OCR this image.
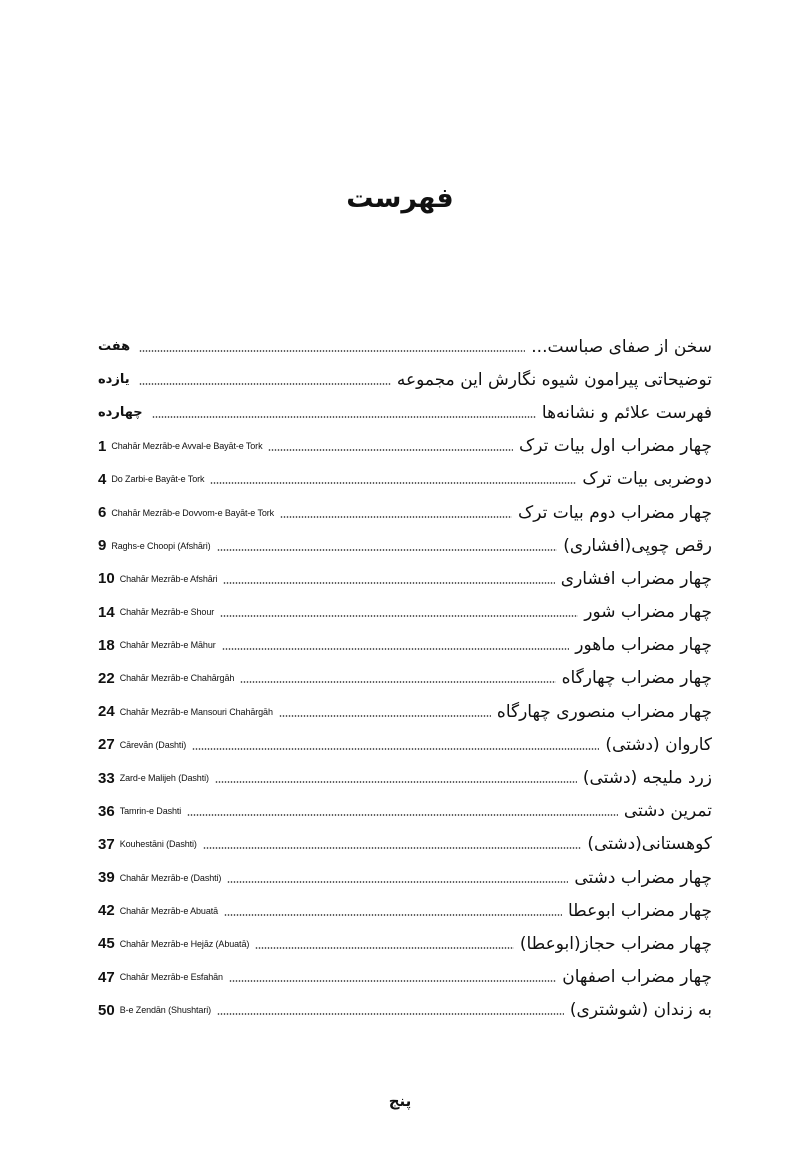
فهرست
هفت	سخن از صفای صباست...
یازده	توضیحاتی پیرامون شیوه نگارش این مجموعه
چهارده	فهرست علائم و نشانه‌ها
1 Chahār Mezrāb-e Avval-e Bayāt-e Tork	چهار مضراب اول بیات ترک
4 Do Zarbi-e Bayāt-e Tork	دوضربی بیات ترک
6 Chahār Mezrāb-e Dovvom-e Bayāt-e Tork	چهار مضراب دوم بیات ترک
9 Raghs-e Choopi (Afshāri)	رقص چوپی(افشاری)
10 Chahār Mezrāb-e Afshāri	چهار مضراب افشاری
14 Chahār Mezrāb-e Shour	چهار مضراب شور
18 Chahār Mezrāb-e Māhur	چهار مضراب ماهور
22 Chahār Mezrāb-e Chahārgāh	چهار مضراب چهارگاه
24 Chahār Mezrāb-e Mansouri Chahārgāh	چهار مضراب منصوری چهارگاه
27 Cārevān (Dashti)	کاروان (دشتی)
33 Zard-e Malijeh (Dashti)	زرد ملیجه (دشتی)
36 Tamrin-e Dashti	تمرین دشتی
37 Kouhestāni (Dashti)	کوهستانی(دشتی)
39 Chahār Mezrāb-e (Dashti)	چهار مضراب دشتی
42 Chahār Mezrāb-e Abuatā	چهار مضراب ابوعطا
45 Chahār Mezrāb-e Hejāz (Abuatā)	چهار مضراب حجاز(ابوعطا)
47 Chahār Mezrāb-e Esfahān	چهار مضراب اصفهان
50 B-e Zendān (Shushtari)	به زندان (شوشتری)
پنج
